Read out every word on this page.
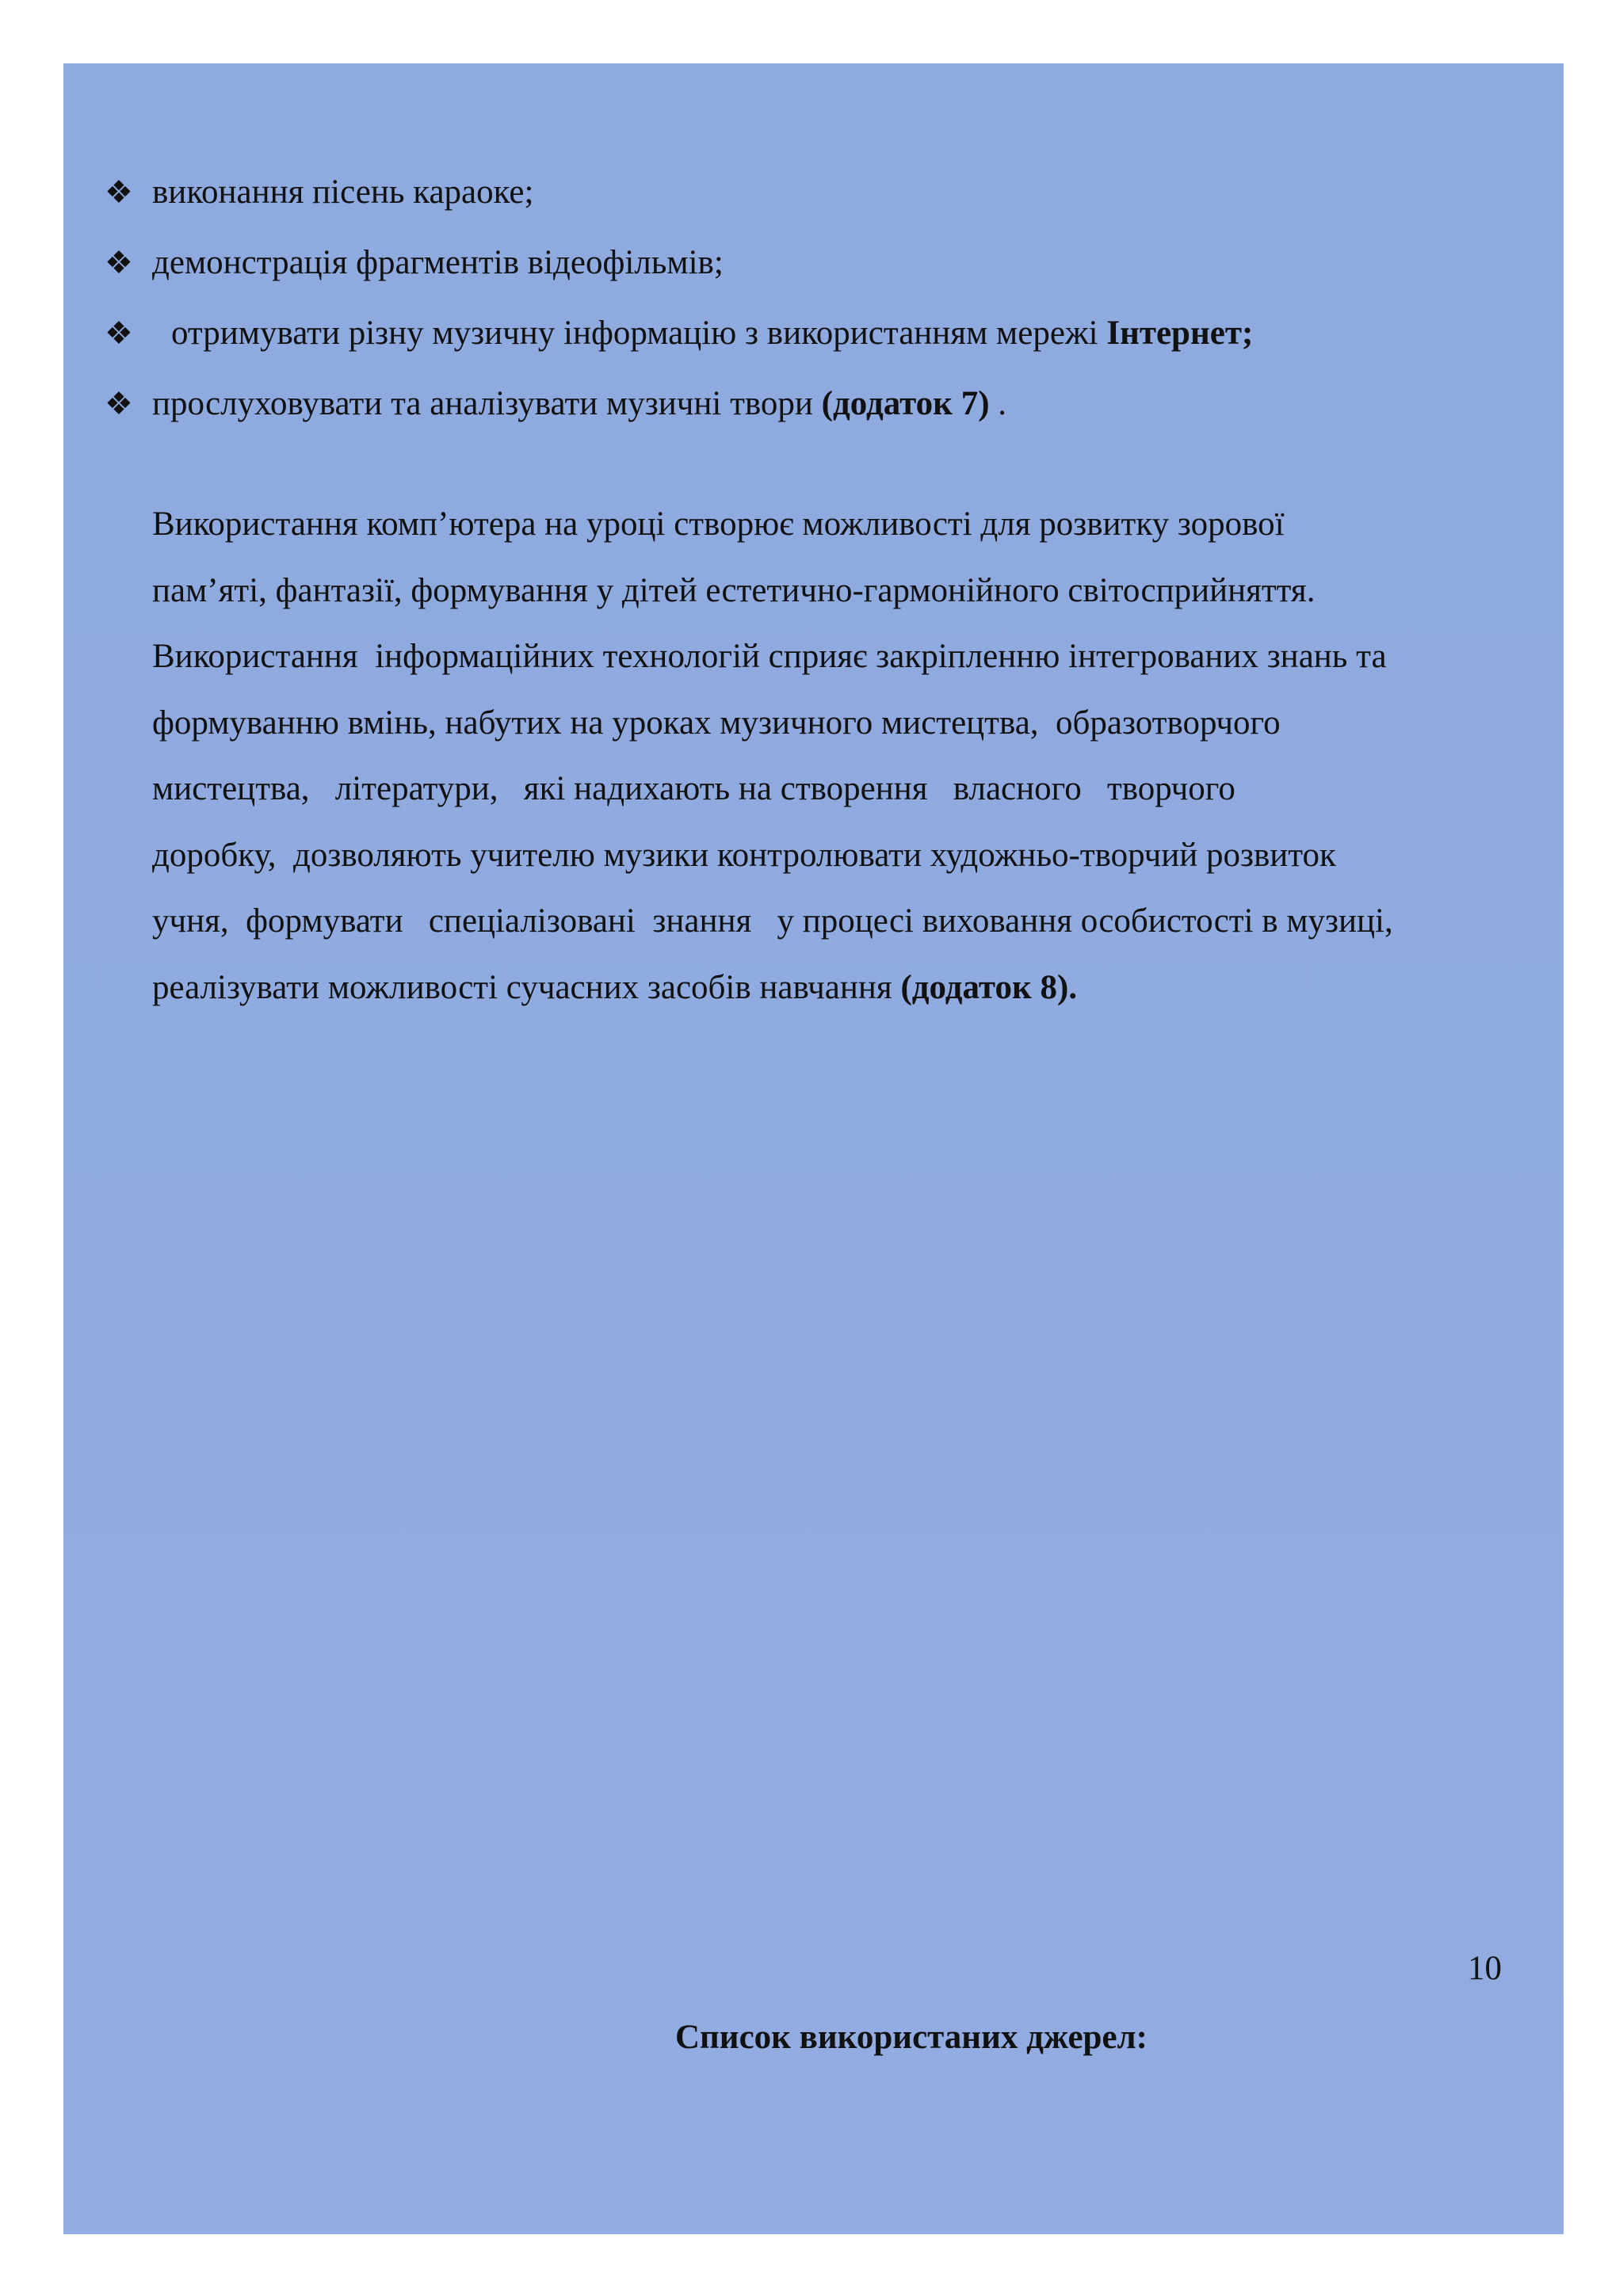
❖ виконання пісень караоке;
❖ демонстрація фрагментів відеофільмів;
❖	отримувати різну музичну інформацію з використанням мережі Інтернет;
❖ прослуховувати та аналізувати музичні твори (додаток 7) .
Використання комп’ютера на уроці створює можливості для розвитку зорової
пам’яті, фантазії, формування у дітей естетично-гармонійного світосприйняття.
Використання  інформаційних технологій сприяє закріпленню інтегрованих знань та
формуванню вмінь, набутих на уроках музичного мистецтва,  образотворчого
мистецтва,   літератури,   які надихають на створення   власного   творчого
доробку,  дозволяють учителю музики контролювати художньо-творчий розвиток
учня,  формувати   спеціалізовані  знання   у процесі виховання особистості в музиці,
реалізувати можливості сучасних засобів навчання (додаток 8).
10
Список використаних джерел:
